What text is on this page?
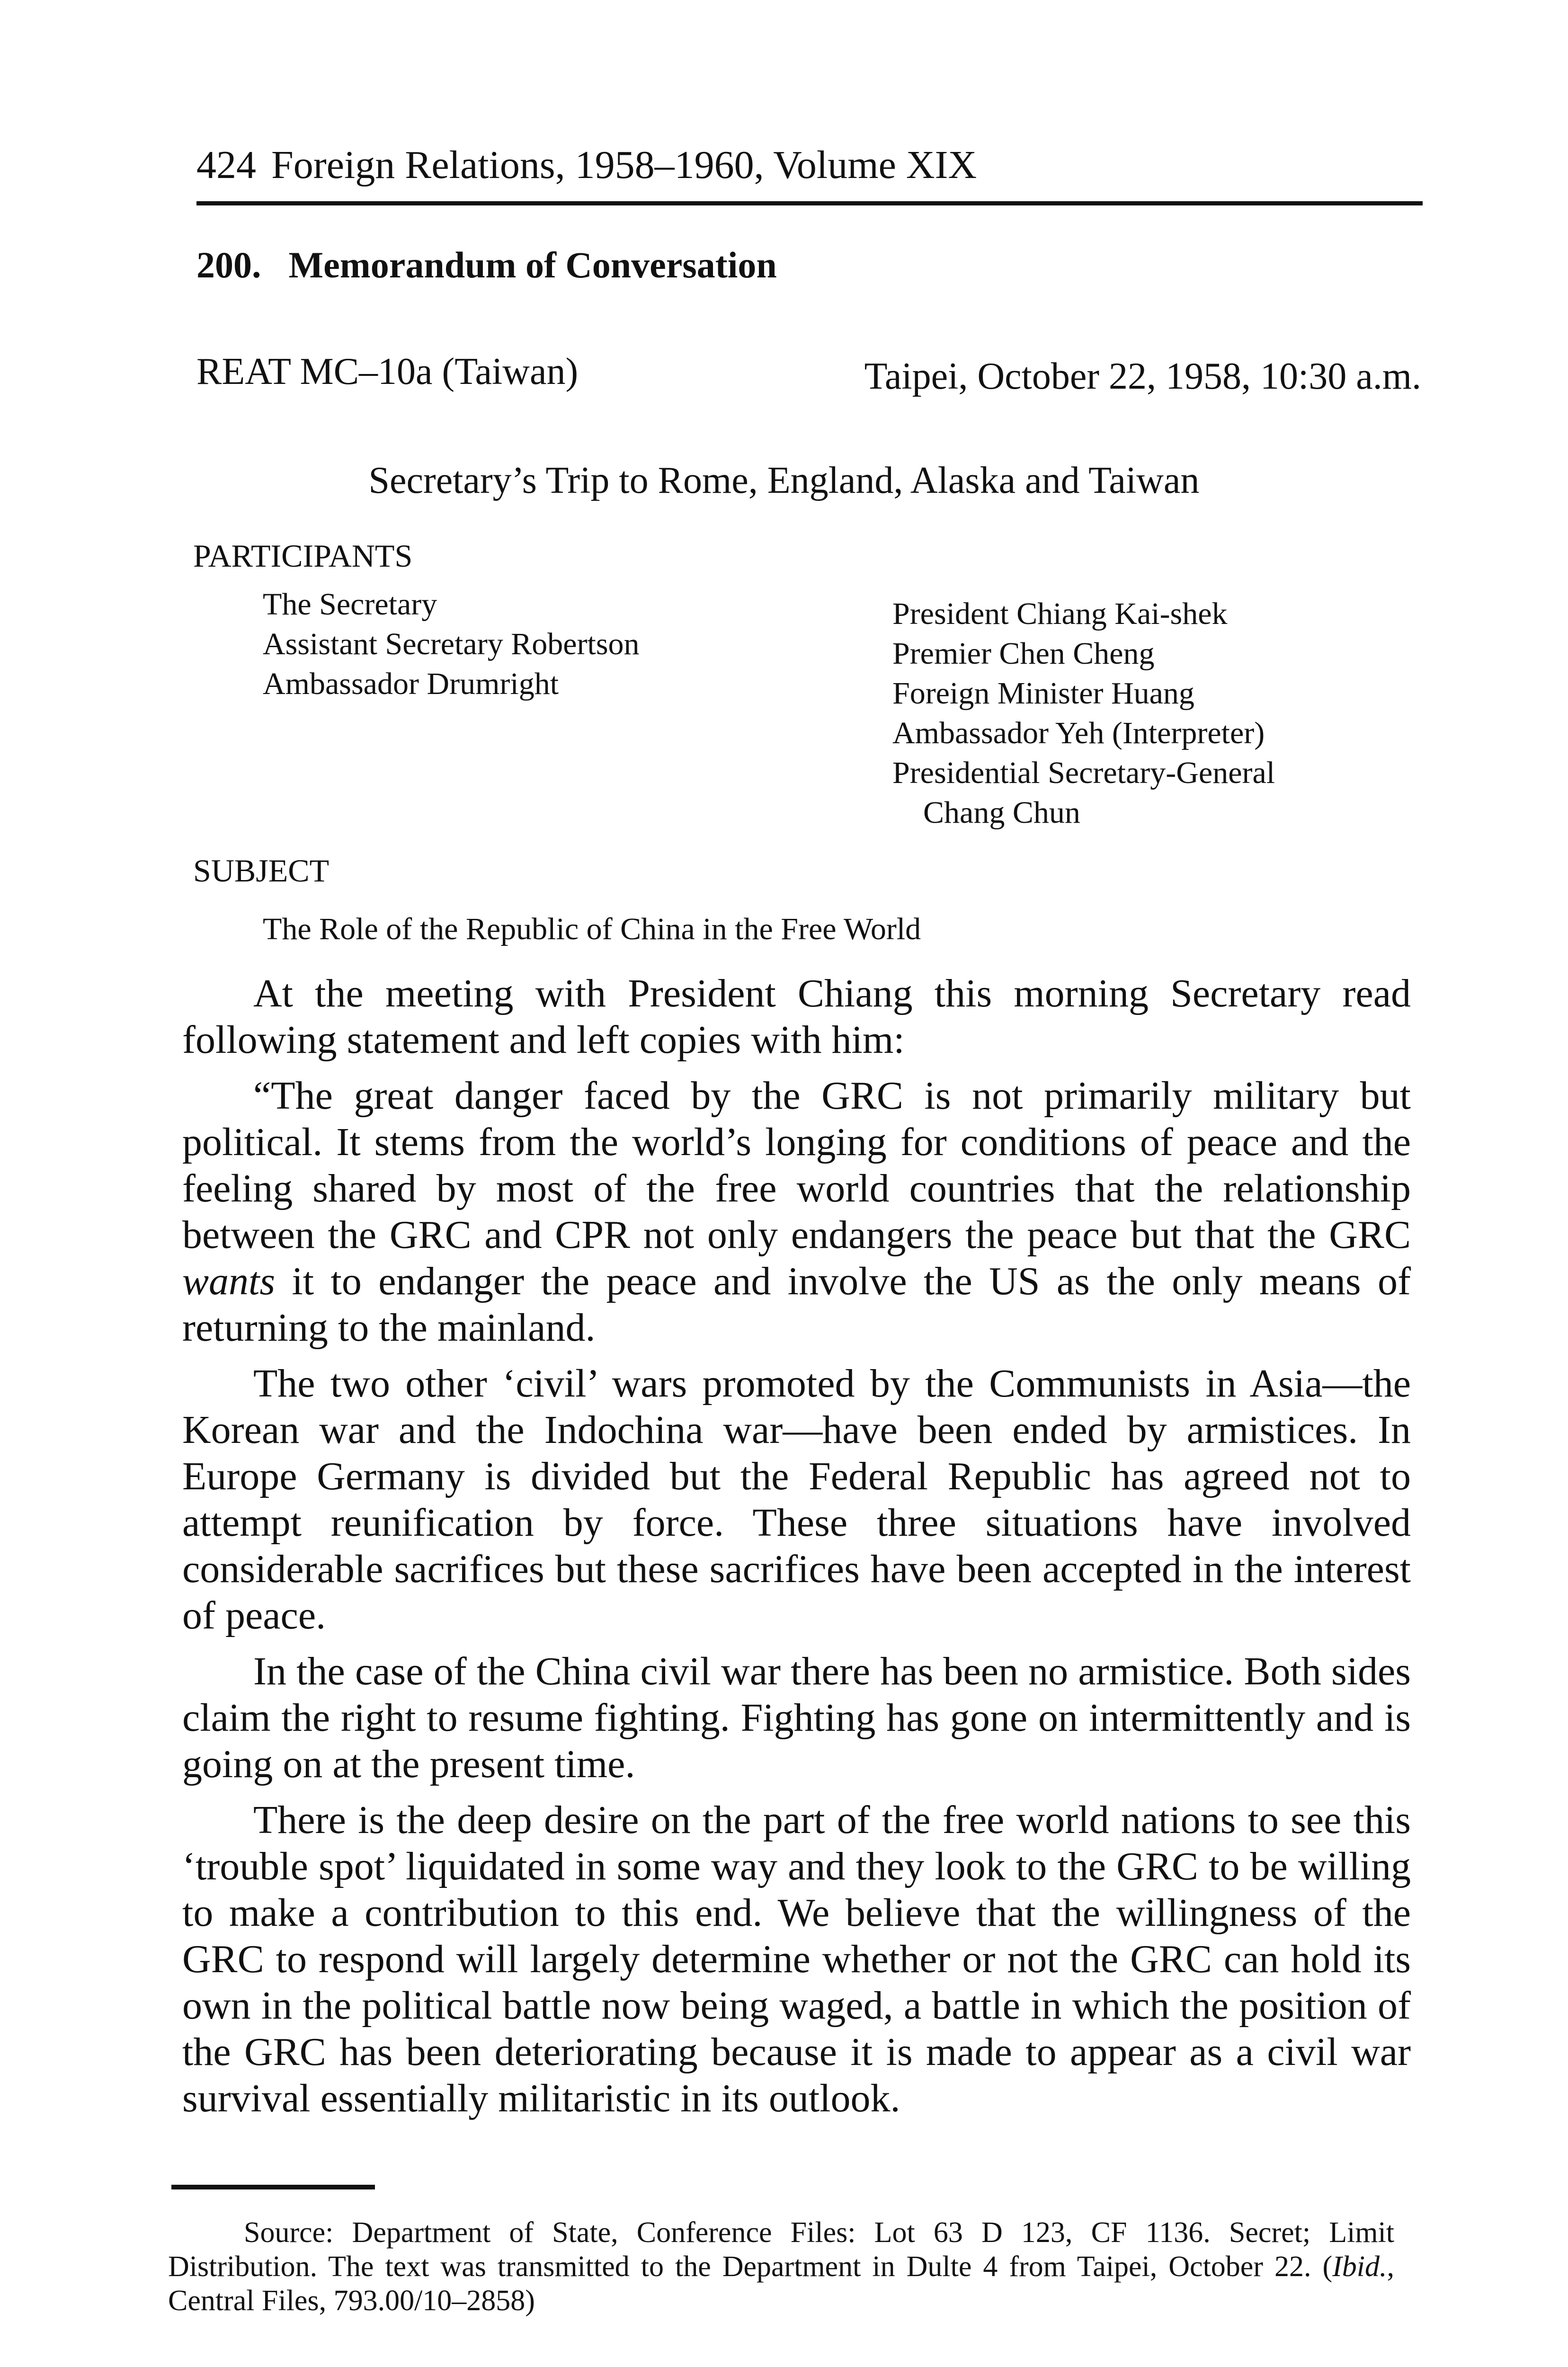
424 Foreign Relations, 1958–1960, Volume XIX
200. Memorandum of Conversation
REAT MC–10a (Taiwan)	Taipei, October 22, 1958, 10:30 a.m.
Secretary’s Trip to Rome, England, Alaska and Taiwan
PARTICIPANTS
The Secretary
Assistant Secretary Robertson
Ambassador Drumright
President Chiang Kai-shek
Premier Chen Cheng
Foreign Minister Huang
Ambassador Yeh (Interpreter)
Presidential Secretary-General
Chang Chun
SUBJECT
The Role of the Republic of China in the Free World

At the meeting with President Chiang this morning Secretary read following statement and left copies with him:

“The great danger faced by the GRC is not primarily military but political. It stems from the world’s longing for conditions of peace and the feeling shared by most of the free world countries that the relationship between the GRC and CPR not only endangers the peace but that the GRC wants it to endanger the peace and involve the US as the only means of returning to the mainland.

The two other ‘civil’ wars promoted by the Communists in Asia—the Korean war and the Indochina war—have been ended by armistices. In Europe Germany is divided but the Federal Republic has agreed not to attempt reunification by force. These three situations have involved considerable sacrifices but these sacrifices have been accepted in the interest of peace.

In the case of the China civil war there has been no armistice. Both sides claim the right to resume fighting. Fighting has gone on intermittently and is going on at the present time.

There is the deep desire on the part of the free world nations to see this ‘trouble spot’ liquidated in some way and they look to the GRC to be willing to make a contribution to this end. We believe that the willingness of the GRC to respond will largely determine whether or not the GRC can hold its own in the political battle now being waged, a battle in which the position of the GRC has been deteriorating because it is made to appear as a civil war survival essentially militaristic in its outlook.

Source: Department of State, Conference Files: Lot 63 D 123, CF 1136. Secret; Limit Distribution. The text was transmitted to the Department in Dulte 4 from Taipei, October 22. (Ibid., Central Files, 793.00/10–2858)
